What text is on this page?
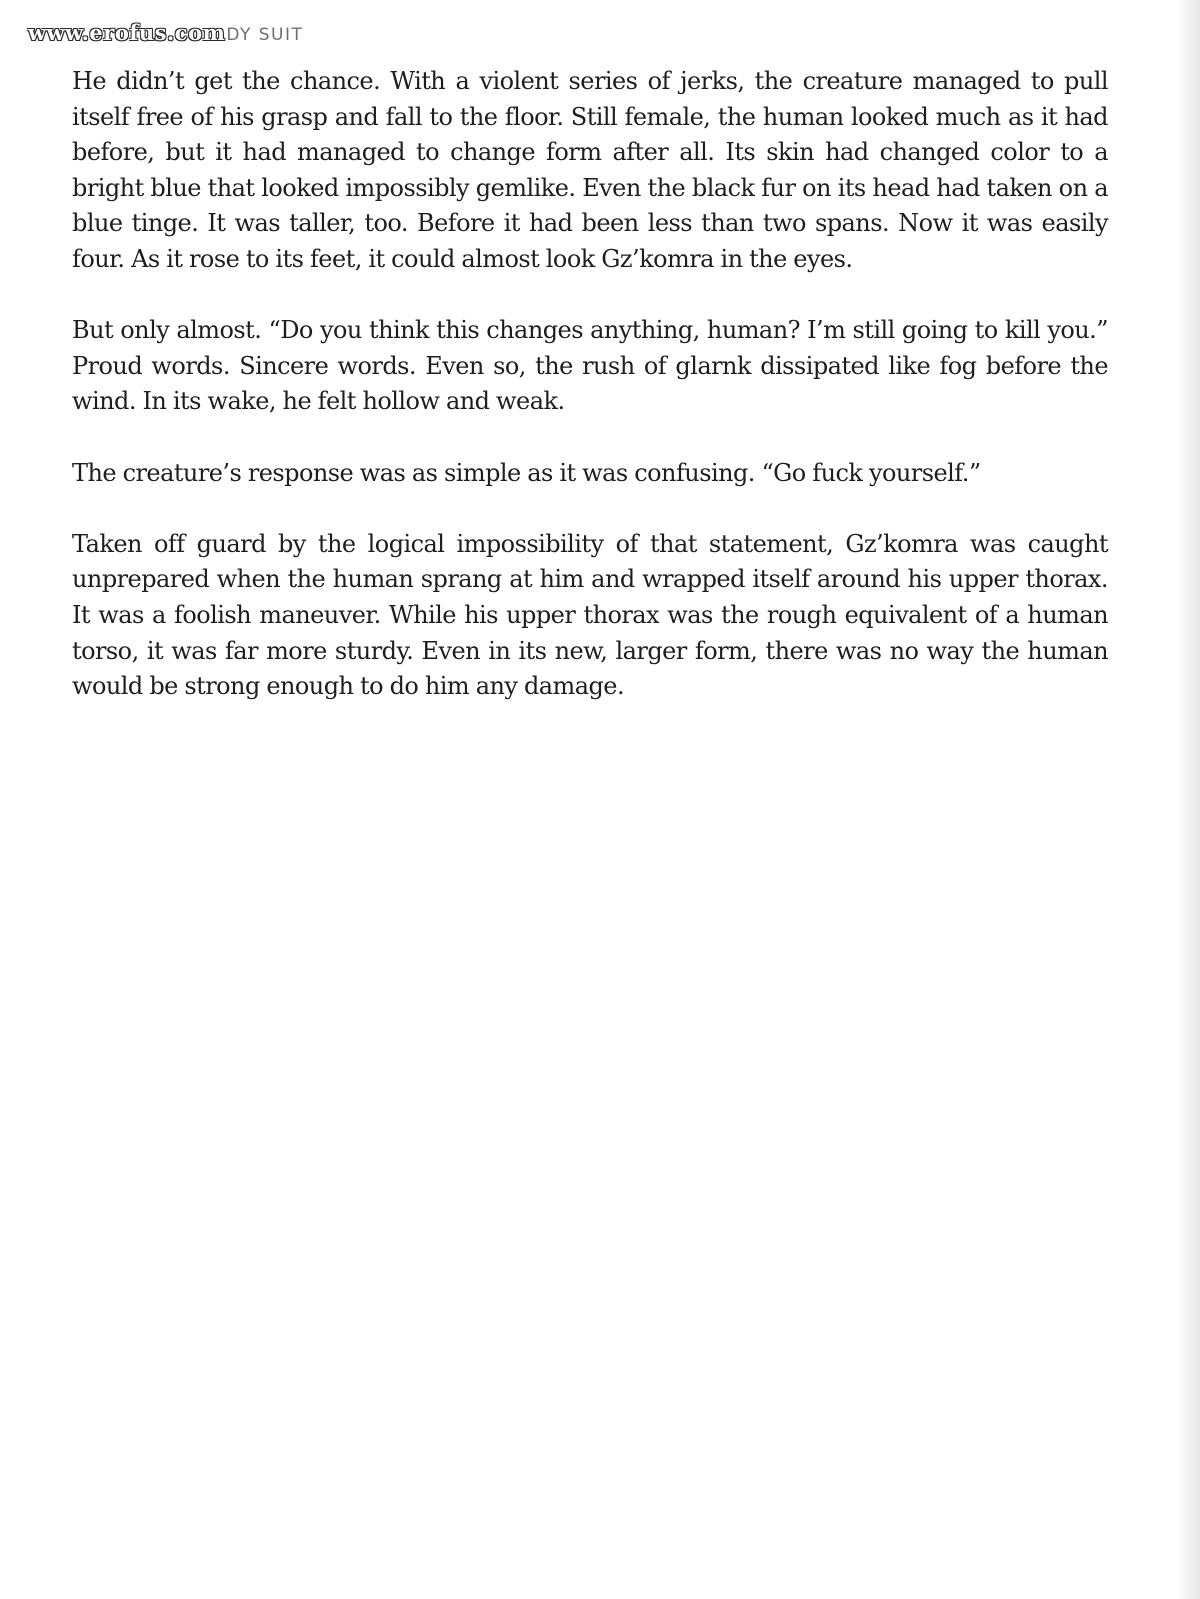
www.erofus.com DY SUIT

He didn’t get the chance. With a violent series of jerks, the creature managed to pull itself free of his grasp and fall to the floor. Still female, the human looked much as it had before, but it had managed to change form after all. Its skin had changed color to a bright blue that looked impossibly gemlike. Even the black fur on its head had taken on a blue tinge. It was taller, too. Before it had been less than two spans. Now it was easily four. As it rose to its feet, it could almost look Gz’komra in the eyes.

But only almost. “Do you think this changes anything, human? I’m still going to kill you.” Proud words. Sincere words. Even so, the rush of glarnk dissipated like fog before the wind. In its wake, he felt hollow and weak.

The creature’s response was as simple as it was confusing. “Go fuck yourself.”

Taken off guard by the logical impossibility of that statement, Gz’komra was caught unprepared when the human sprang at him and wrapped itself around his upper thorax. It was a foolish maneuver. While his upper thorax was the rough equivalent of a human torso, it was far more sturdy. Even in its new, larger form, there was no way the human would be strong enough to do him any damage.
